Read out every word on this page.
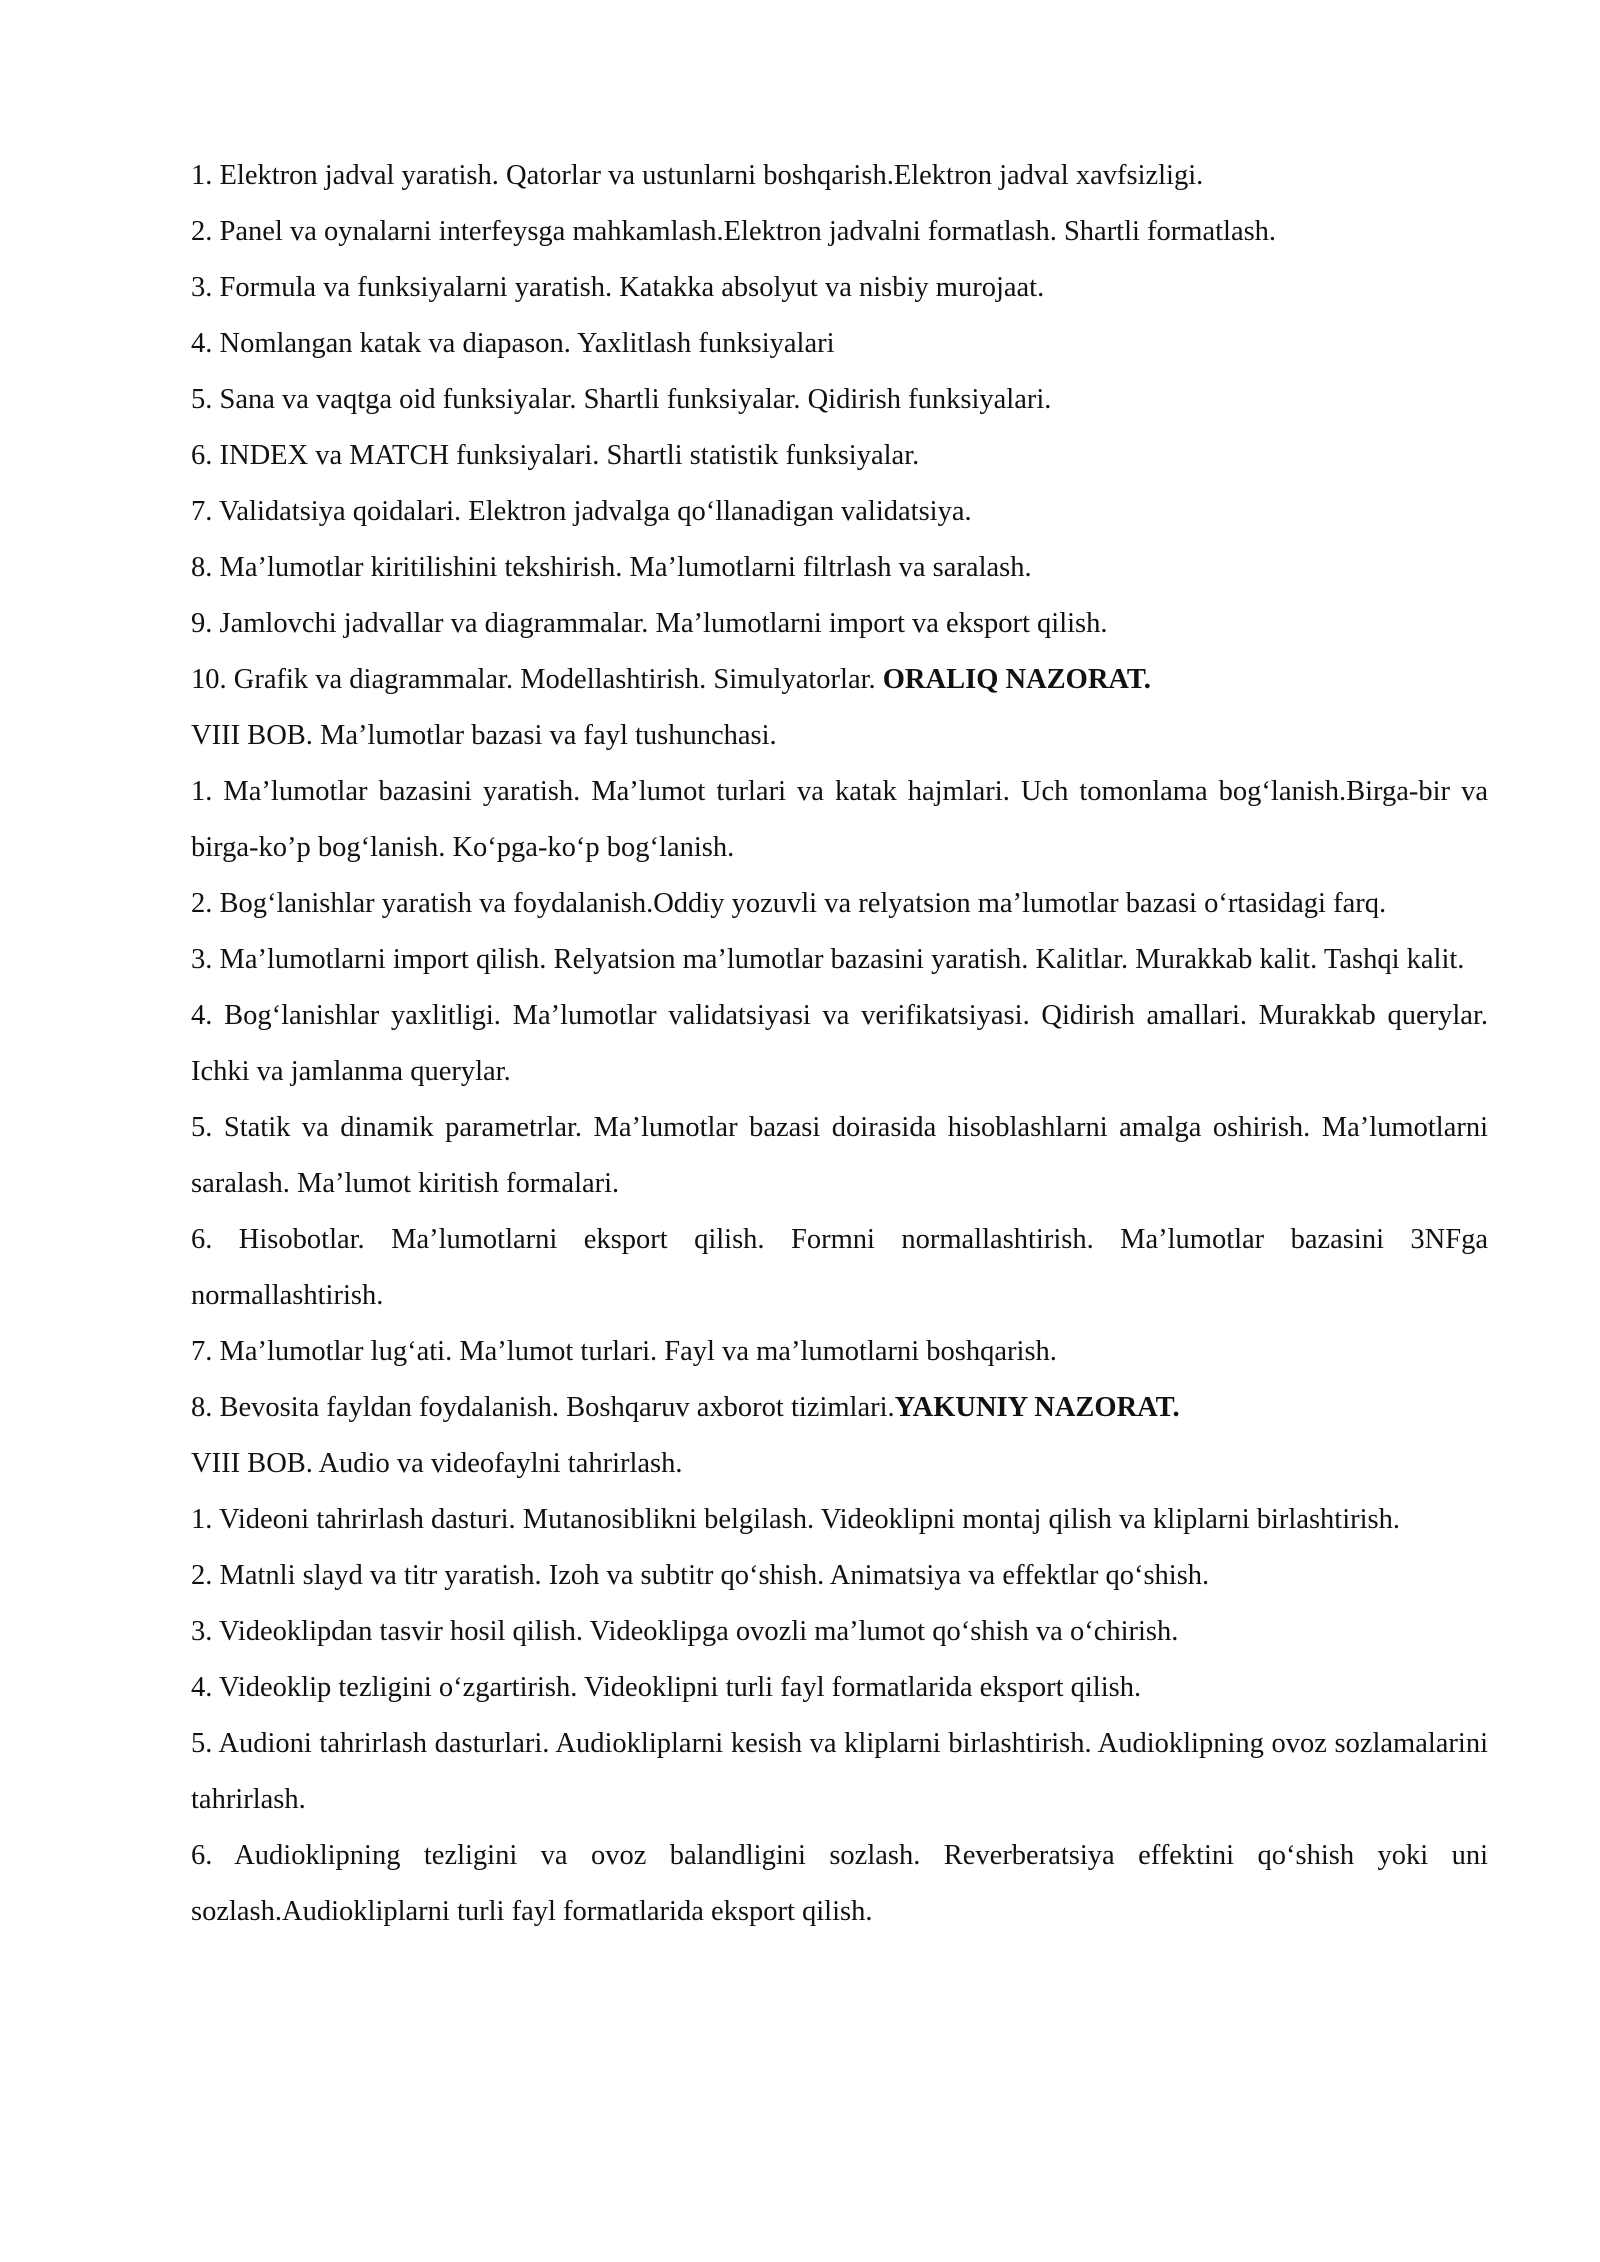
1. Elektron jadval yaratish. Qatorlar va ustunlarni boshqarish.Elektron jadval xavfsizligi.

2. Panel va oynalarni interfeysga mahkamlash.Elektron jadvalni formatlash. Shartli formatlash.

3. Formula va funksiyalarni yaratish. Katakka absolyut va nisbiy murojaat.

4. Nomlangan katak va diapason. Yaxlitlash funksiyalari

5. Sana va vaqtga oid funksiyalar. Shartli funksiyalar. Qidirish funksiyalari.

6. INDEX va MATCH funksiyalari. Shartli statistik funksiyalar.

7. Validatsiya qoidalari. Elektron jadvalga qo‘llanadigan validatsiya.

8. Ma’lumotlar kiritilishini tekshirish. Ma’lumotlarni filtrlash va saralash.

9. Jamlovchi jadvallar va diagrammalar. Ma’lumotlarni import va eksport qilish.

10. Grafik va diagrammalar. Modellashtirish. Simulyatorlar. ORALIQ NAZORAT.

VIII BOB. Ma’lumotlar bazasi va fayl tushunchasi.

1. Ma’lumotlar bazasini yaratish. Ma’lumot turlari va katak hajmlari. Uch tomonlama bog‘lanish.Birga-bir va birga-ko’p bog‘lanish. Ko‘pga-ko‘p bog‘lanish.

2. Bog‘lanishlar yaratish va foydalanish.Oddiy yozuvli va relyatsion ma’lumotlar bazasi o‘rtasidagi farq.

3. Ma’lumotlarni import qilish. Relyatsion ma’lumotlar bazasini yaratish. Kalitlar. Murakkab kalit. Tashqi kalit.

4. Bog‘lanishlar yaxlitligi. Ma’lumotlar validatsiyasi va verifikatsiyasi. Qidirish amallari. Murakkab querylar. Ichki va jamlanma querylar.

5. Statik va dinamik parametrlar. Ma’lumotlar bazasi doirasida hisoblashlarni amalga oshirish. Ma’lumotlarni saralash. Ma’lumot kiritish formalari.

6. Hisobotlar. Ma’lumotlarni eksport qilish. Formni normallashtirish. Ma’lumotlar bazasini 3NFga normallashtirish.

7. Ma’lumotlar lug‘ati. Ma’lumot turlari. Fayl va ma’lumotlarni boshqarish.

8. Bevosita fayldan foydalanish. Boshqaruv axborot tizimlari.YAKUNIY NAZORAT.

VIII BOB. Audio va videofaylni tahrirlash.

1. Videoni tahrirlash dasturi. Mutanosiblikni belgilash. Videoklipni montaj qilish va kliplarni birlashtirish.

2. Matnli slayd va titr yaratish. Izoh va subtitr qo‘shish. Animatsiya va effektlar qo‘shish.

3. Videoklipdan tasvir hosil qilish. Videoklipga ovozli ma’lumot qo‘shish va o‘chirish.

4. Videoklip tezligini o‘zgartirish. Videoklipni turli fayl formatlarida eksport qilish.

5. Audioni tahrirlash dasturlari. Audiokliplarni kesish va kliplarni birlashtirish. Audioklipning ovoz sozlamalarini tahrirlash.

6. Audioklipning tezligini va ovoz balandligini sozlash. Reverberatsiya effektini qo‘shish yoki uni sozlash.Audiokliplarni turli fayl formatlarida eksport qilish.
